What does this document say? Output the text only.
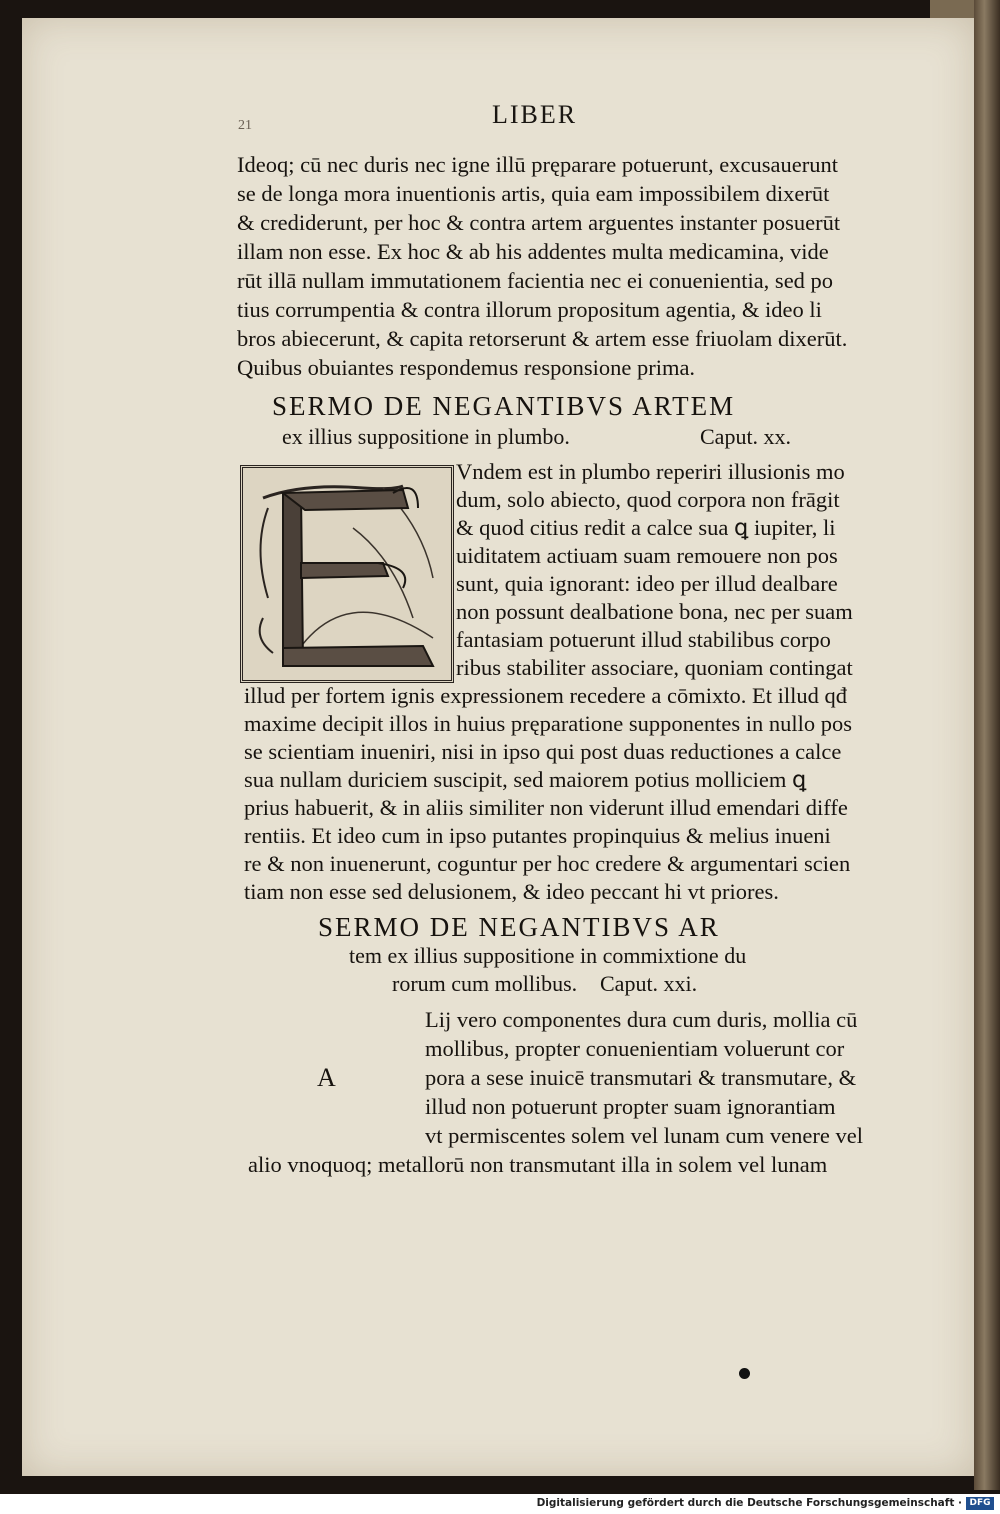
21	LIBER
Ideoq; cū nec duris nec igne illū pręparare potuerunt, excusauerunt
se de longa mora inuentionis artis, quia eam impossibilem dixerūt
& crediderunt, per hoc & contra artem arguentes instanter posuerūt
illam non esse. Ex hoc & ab his addentes multa medicamina, vide
rūt illā nullam immutationem facientia nec ei conuenientia, sed po
tius corrumpentia & contra illorum propositum agentia, & ideo li
bros abiecerunt, & capita retorserunt & artem esse friuolam dixerūt.
Quibus obuiantes respondemus responsione prima.
SERMO DE NEGANTIBVS ARTEM
ex illius suppositione in plumbo.	Caput. xx.
Vndem est in plumbo reperiri illusionis mo
dum, solo abiecto, quod corpora non frāgit
& quod citius redit a calce sua ꝗ iupiter, li
uiditatem actiuam suam remouere non pos
sunt, quia ignorant: ideo per illud dealbare
non possunt dealbatione bona, nec per suam
fantasiam potuerunt illud stabilibus corpo
ribus stabiliter associare, quoniam contingat
illud per fortem ignis expressionem recedere a cōmixto. Et illud qđ
maxime decipit illos in huius pręparatione supponentes in nullo pos
se scientiam inueniri, nisi in ipso qui post duas reductiones a calce
sua nullam duriciem suscipit, sed maiorem potius molliciem ꝗ
prius habuerit, & in aliis similiter non viderunt illud emendari diffe
rentiis. Et ideo cum in ipso putantes propinquius & melius inueni
re & non inuenerunt, coguntur per hoc credere & argumentari scien
tiam non esse sed delusionem, & ideo peccant hi vt priores.
SERMO DE NEGANTIBVS AR
tem ex illius suppositione in commixtione du
rorum cum mollibus. Caput. xxi.
A
Lij vero componentes dura cum duris, mollia cū
mollibus, propter conuenientiam voluerunt cor
pora a sese inuicē transmutari & transmutare, &
illud non potuerunt propter suam ignorantiam
vt permiscentes solem vel lunam cum venere vel
alio vnoquoq; metallorū non transmutant illa in solem vel lunam
Digitalisierung gefördert durch die Deutsche Forschungsgemeinschaft · DFG
